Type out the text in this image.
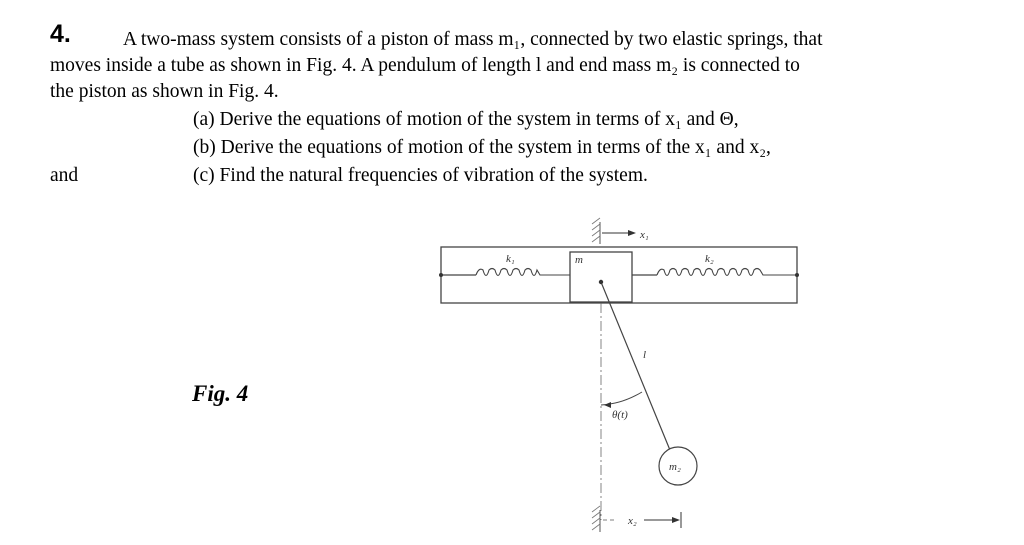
4.	A two-mass system consists of a piston of mass m₁, connected by two elastic springs, that
moves inside a tube as shown in Fig. 4. A pendulum of length l and end mass m₂ is connected to
the piston as shown in Fig. 4.
(a) Derive the equations of motion of the system in terms of x₁ and Θ,
(b) Derive the equations of motion of the system in terms of the x₁ and x₂,
and	(c) Find the natural frequencies of vibration of the system.
Fig. 4
x₁
k₁	m	k₂
l
θ(t)
m₂
x₂
